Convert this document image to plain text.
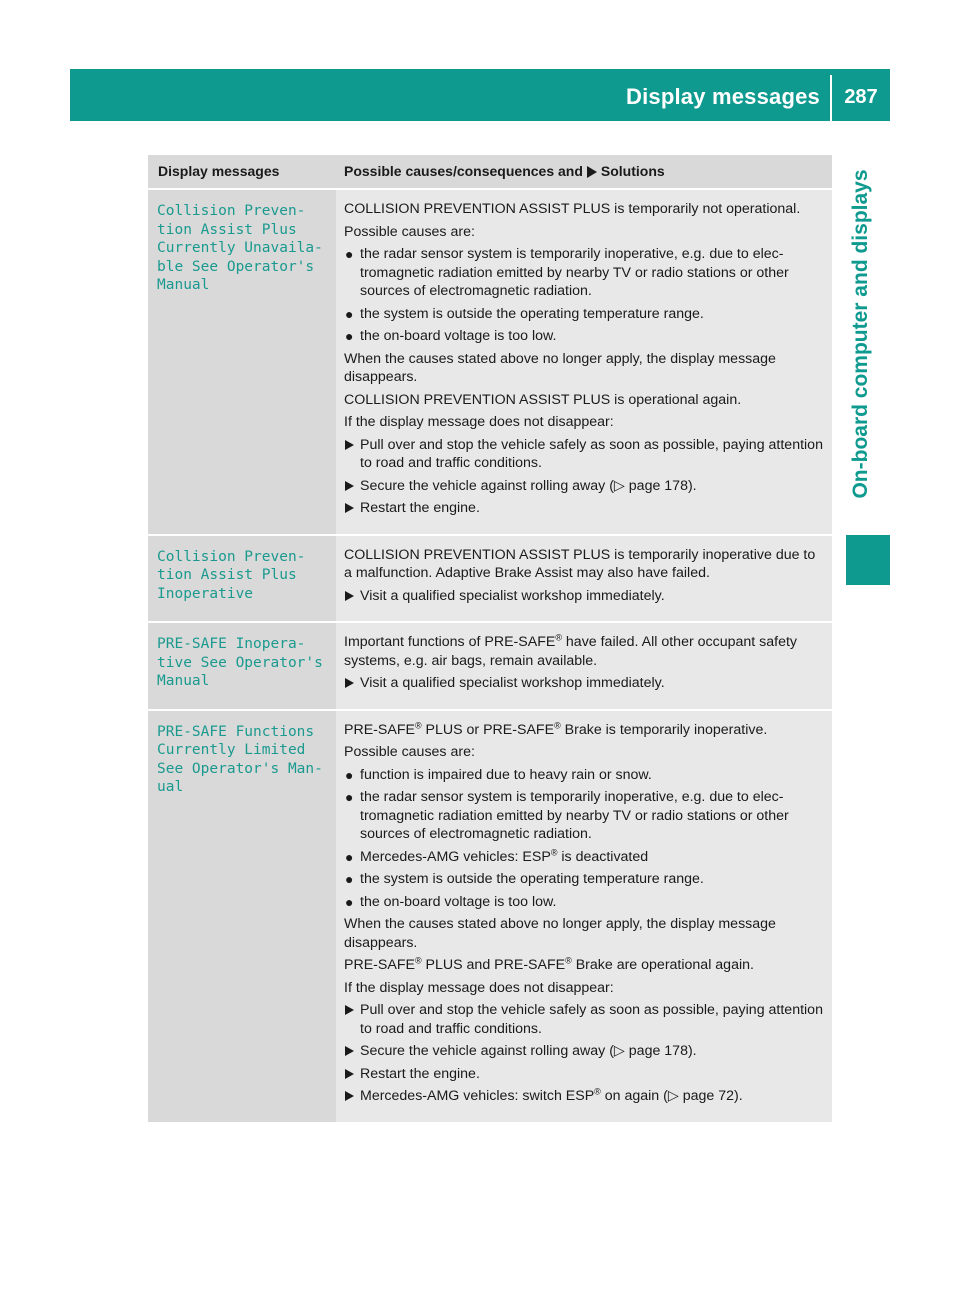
Display messages	287
On-board computer and displays
Display messages	Possible causes/consequences and Solutions
Collision Preven‐
tion Assist Plus
Currently Unavaila‐
ble See Operator's
Manual

COLLISION PREVENTION ASSIST PLUS is temporarily not operational.

Possible causes are:

● the radar sensor system is temporarily inoperative, e.g. due to elec‐ tromagnetic radiation emitted by nearby TV or radio stations or other sources of electromagnetic radiation.
● the system is outside the operating temperature range.
● the on-board voltage is too low.

When the causes stated above no longer apply, the display message disappears.

COLLISION PREVENTION ASSIST PLUS is operational again.

If the display message does not disappear:

Pull over and stop the vehicle safely as soon as possible, paying attention to road and traffic conditions.
Secure the vehicle against rolling away (▷ page 178).
Restart the engine.
Collision Preven‐
tion Assist Plus
Inoperative

COLLISION PREVENTION ASSIST PLUS is temporarily inoperative due to a malfunction. Adaptive Brake Assist may also have failed.

Visit a qualified specialist workshop immediately.
PRE-SAFE Inopera‐
tive See Operator's
Manual

Important functions of PRE-SAFE® have failed. All other occupant safety systems, e.g. air bags, remain available.

Visit a qualified specialist workshop immediately.
PRE-SAFE Functions
Currently Limited
See Operator's Man‐
ual

PRE-SAFE® PLUS or PRE-SAFE® Brake is temporarily inoperative.

Possible causes are:

● function is impaired due to heavy rain or snow.
● the radar sensor system is temporarily inoperative, e.g. due to elec‐ tromagnetic radiation emitted by nearby TV or radio stations or other sources of electromagnetic radiation.
● Mercedes-AMG vehicles: ESP® is deactivated
● the system is outside the operating temperature range.
● the on-board voltage is too low.

When the causes stated above no longer apply, the display message disappears.

PRE-SAFE® PLUS and PRE-SAFE® Brake are operational again.

If the display message does not disappear:

Pull over and stop the vehicle safely as soon as possible, paying attention to road and traffic conditions.
Secure the vehicle against rolling away (▷ page 178).
Restart the engine.
Mercedes-AMG vehicles: switch ESP® on again (▷ page 72).
